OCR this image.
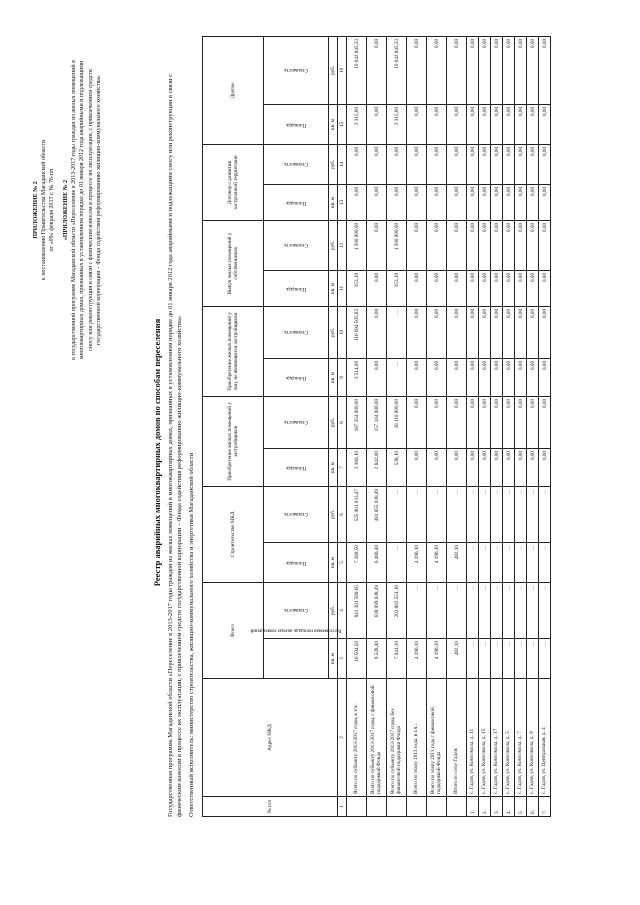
ПРИЛОЖЕНИЕ № 2 к постановлению Правительства Магаданской области от «09» февраля 2017 г. № 76-пп «ПРИЛОЖЕНИЕ № 2 к государственной программе Магаданской области «Переселение в 2013-2017 годы граждан из жилых помещений в многоквартирных домах, признанных в установленном порядке до 01 января 2012 года аварийными и подлежащими сносу или реконструкции в связи с физическим износом в процессе их эксплуатации, с привлечением средств государственной корпорации – Фонда содействия реформированию жилищно-коммунального хозяйства»
Реестр аварийных многоквартирных домов по способам переселения Государственная программа Магаданской области «Переселение в 2013-2017 годы граждан из жилых помещений в многоквартирных домах, признанных в установленном порядке до 01 января 2012 года аварийными и подлежащими сносу или реконструкции в связи с физическим износом в процессе их эксплуатации, с привлечением средств государственной корпорации – Фонда содействия реформированию жилищно-коммунального хозяйства» Ответственный исполнитель: министерство строительства, жилищно-коммунального хозяйства и энергетики Магаданской области	№ п/п	Адрес МКД	Всего		Строительство МКД		Приобретение жилых помещений у застройщиков		Приобретение жилых помещений у лиц, не являющихся застройщиком		Выкуп жилых помещений у собственников		Договор о развитии застроенной территории		Другие	
		Расселяемая площадь жилых помещений	Стоимость	Площадь	Стоимость	Площадь	Стоимость	Площадь	Стоимость	Площадь	Стоимость	Площадь	Стоимость	Площадь	Стоимость
		кв. м	руб.	кв. м	руб.	кв. м	руб.	кв. м	руб.	кв. м	руб.	кв. м	руб.	кв. м	руб.
1	2	3	4	5	6	7	8	9	10	11	12	13	14	15	16
	Всего по субъекту 2013-2017 годы, в т.ч.:	16 504,50	841 381 589,65	7 369,50	525 061 033,47	3 380,10	187 354 000,00	3 514,00	116 694 505,83	153,10	1 500 000,00	0,00	0,00	2 315,80	10 642 845,33
	Всего по субъекту 2013-2017 годы, с финансовой поддержкой Фонда	9 528,40	638 999 038,49	6 486,40	481 855 038,49	2 842,00	157 144 000,00	0,00	0,00	0,00	0,00	0,00	0,00	0,00	0,00
	Всего по субъекту 2013-2017 годы, без финансовой поддержки Фонда	7 041,10	202 882 551,16	…	…	538,10	30 110 000,00	…	…	153,10	1 500 000,00	0,00	0,00	2 315,80	10 642 845,33
	Всего по этапу 2013 года, в т.ч.:	4 196,10	…	4 196,10	…	0,00	0,00	0,00	0,00	0,00	0,00	0,00	0,00	0,00	0,00
	Всего по этапу 2013 года с финансовой поддержкой Фонда	4 196,10	…	4 196,10	…	0,00	0,00	0,00	0,00	0,00	0,00	0,00	0,00	0,00	0,00
	Итого по селу Гадля:	482,10	…	482,10	…	0,00	0,00	0,00	0,00	0,00	0,00	0,00	0,00	0,00	0,00
1.	с. Гадля, ул. Комсомола, д. 11	…	…	…	…	0,00	0,00	0,00	0,00	0,00	0,00	0,00	0,00	0,00	0,00
2.	с. Гадля, ул. Комсомола, д. 15	…	…	…	…	0,00	0,00	0,00	0,00	0,00	0,00	0,00	0,00	0,00	0,00
3.	с. Гадля, ул. Комсомола, д. 17	…	…	…	…	0,00	0,00	0,00	0,00	0,00	0,00	0,00	0,00	0,00	0,00
4.	с. Гадля, ул. Комсомола, д. 5	…	…	…	…	0,00	0,00	0,00	0,00	0,00	0,00	0,00	0,00	0,00	0,00
5.	с. Гадля, ул. Комсомола, д. 7	…	…	…	…	0,00	0,00	0,00	0,00	0,00	0,00	0,00	0,00	0,00	0,00
6.	с. Гадля, ул. Комсомола, д. 9	…	…	…	…	0,00	0,00	0,00	0,00	0,00	0,00	0,00	0,00	0,00	0,00
7.	с. Гадля, ул. Центральная, д. 4	…	…	…	…	0,00	0,00	0,00	0,00	0,00	0,00	0,00	0,00	0,00	0,00
